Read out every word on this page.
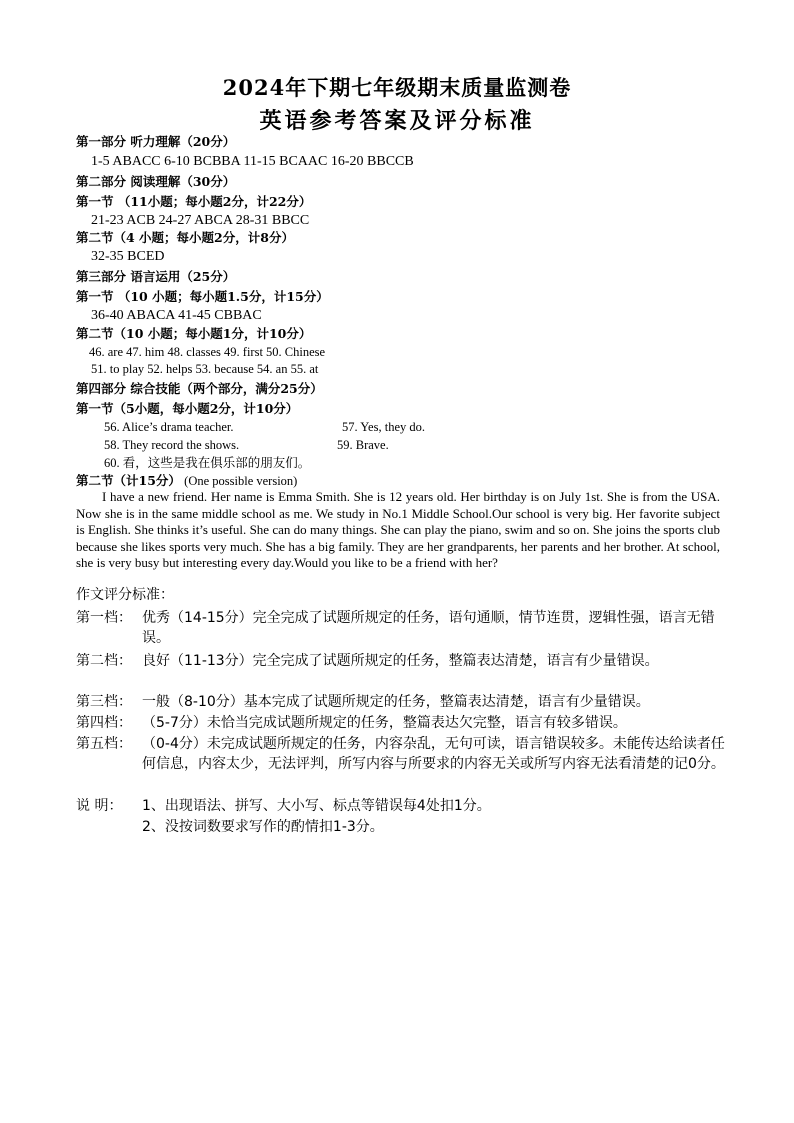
2024年下期七年级期末质量监测卷
英语参考答案及评分标准
第一部分 听力理解（20分）
1-5 ABACC 6-10 BCBBA 11-15 BCAAC 16-20 BBCCB
第二部分 阅读理解（30分）
第一节 （11小题；每小题2分，计22分）
21-23 ACB 24-27 ABCA 28-31 BBCC
第二节（4 小题；每小题2分，计8分）
32-35 BCED
第三部分 语言运用（25分）
第一节 （10 小题；每小题1.5分，计15分）
36-40 ABACA 41-45 CBBAC
第二节（10 小题；每小题1分，计10分）
46. are 47. him 48. classes 49. first 50. Chinese
51. to play 52. helps 53. because 54. an 55. at
第四部分 综合技能（两个部分，满分25分）
第一节（5小题，每小题2分，计10分）
56. Alice’s drama teacher.	57. Yes, they do.
58. They record the shows.	59. Brave.
60. 看，这些是我在俱乐部的朋友们。
第二节（计15分） (One possible version)
I have a new friend. Her name is Emma Smith. She is 12 years old. Her birthday is on July 1st. She is from the USA. Now she is in the same middle school as me. We study in No.1 Middle School.Our school is very big. Her favorite subject is English. She thinks it’s useful. She can do many things. She can play the piano, swim and so on. She joins the sports club because she likes sports very much. She has a big family. They are her grandparents, her parents and her brother. At school, she is very busy but interesting every day.Would you like to be a friend with her?
作文评分标准：
第一档： 优秀（14-15分）完全完成了试题所规定的任务，语句通顺，情节连贯，逻辑性强，语言无错误。
第二档： 良好（11-13分）完全完成了试题所规定的任务，整篇表达清楚，语言有少量错误。
第三档： 一般（8-10分）基本完成了试题所规定的任务，整篇表达清楚，语言有少量错误。
第四档： （5-7分）未恰当完成试题所规定的任务，整篇表达欠完整，语言有较多错误。
第五档： （0-4分）未完成试题所规定的任务，内容杂乱，无句可读，语言错误较多。未能传达给读者任何信息，内容太少，无法评判，所写内容与所要求的内容无关或所写内容无法看清楚的记0分。
说 明： 1、出现语法、拼写、大小写、标点等错误每4处扣1分。
2、没按词数要求写作的酌情扣1-3分。
